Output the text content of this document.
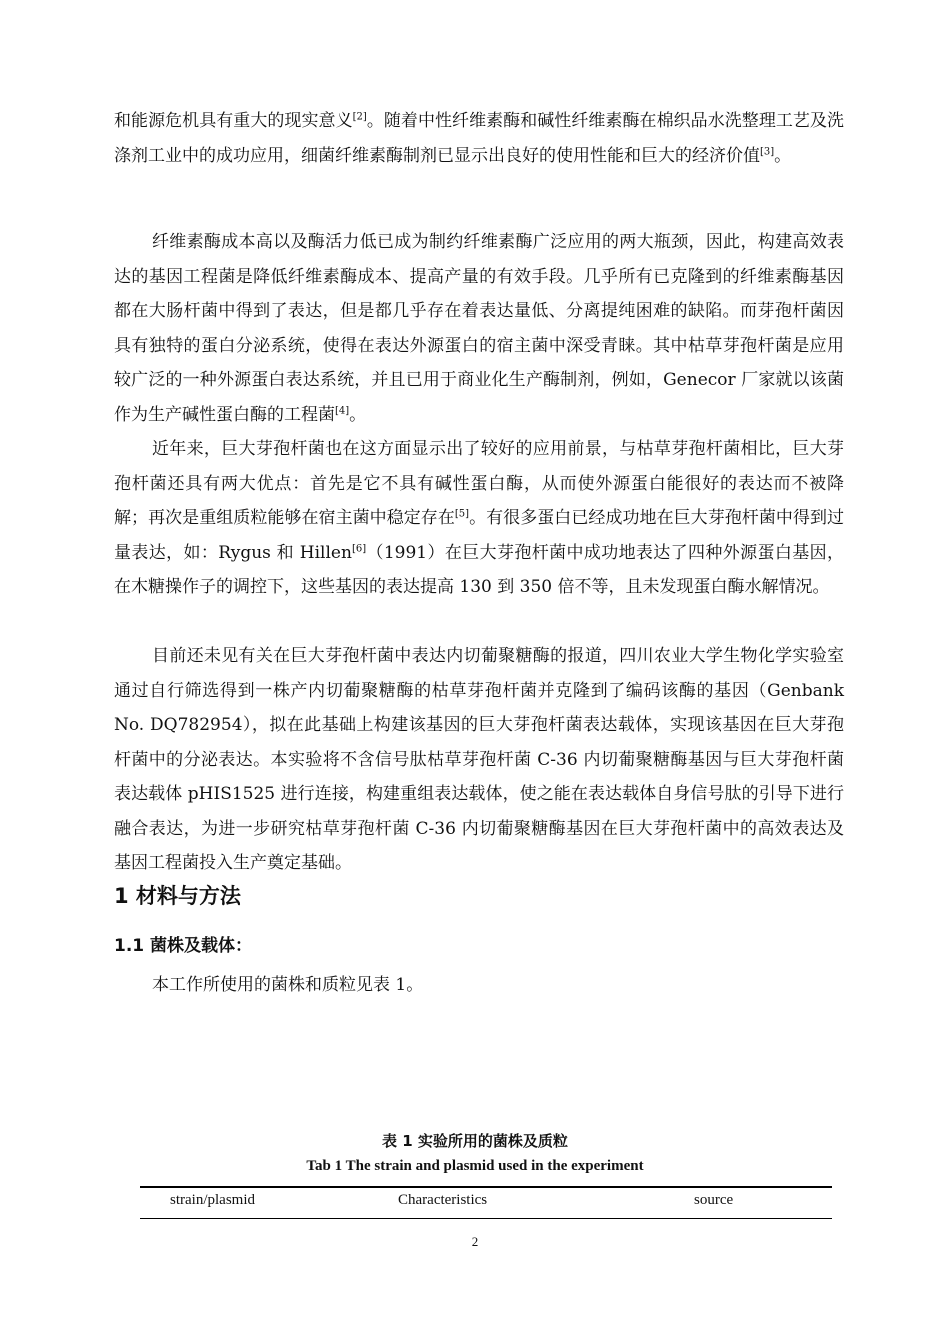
和能源危机具有重大的现实意义[2]。随着中性纤维素酶和碱性纤维素酶在棉织品水洗整理工艺及洗涤剂工业中的成功应用，细菌纤维素酶制剂已显示出良好的使用性能和巨大的经济价值[3]。

纤维素酶成本高以及酶活力低已成为制约纤维素酶广泛应用的两大瓶颈，因此，构建高效表达的基因工程菌是降低纤维素酶成本、提高产量的有效手段。几乎所有已克隆到的纤维素酶基因都在大肠杆菌中得到了表达，但是都几乎存在着表达量低、分离提纯困难的缺陷。而芽孢杆菌因具有独特的蛋白分泌系统，使得在表达外源蛋白的宿主菌中深受青睐。其中枯草芽孢杆菌是应用较广泛的一种外源蛋白表达系统，并且已用于商业化生产酶制剂，例如，Genecor 厂家就以该菌作为生产碱性蛋白酶的工程菌[4]。

近年来，巨大芽孢杆菌也在这方面显示出了较好的应用前景，与枯草芽孢杆菌相比，巨大芽孢杆菌还具有两大优点：首先是它不具有碱性蛋白酶，从而使外源蛋白能很好的表达而不被降解；再次是重组质粒能够在宿主菌中稳定存在[5]。有很多蛋白已经成功地在巨大芽孢杆菌中得到过量表达，如：Rygus 和 Hillen[6]（1991）在巨大芽孢杆菌中成功地表达了四种外源蛋白基因，在木糖操作子的调控下，这些基因的表达提高 130 到 350 倍不等，且未发现蛋白酶水解情况。

目前还未见有关在巨大芽孢杆菌中表达内切葡聚糖酶的报道，四川农业大学生物化学实验室通过自行筛选得到一株产内切葡聚糖酶的枯草芽孢杆菌并克隆到了编码该酶的基因（Genbank No. DQ782954），拟在此基础上构建该基因的巨大芽孢杆菌表达载体，实现该基因在巨大芽孢杆菌中的分泌表达。本实验将不含信号肽枯草芽孢杆菌 C-36 内切葡聚糖酶基因与巨大芽孢杆菌表达载体 pHIS1525 进行连接，构建重组表达载体，使之能在表达载体自身信号肽的引导下进行融合表达，为进一步研究枯草芽孢杆菌 C-36 内切葡聚糖酶基因在巨大芽孢杆菌中的高效表达及基因工程菌投入生产奠定基础。

1 材料与方法
1.1 菌株及载体：
本工作所使用的菌株和质粒见表 1。
表 1 实验所用的菌株及质粒
Tab 1 The strain and plasmid used in the experiment
strain/plasmid	Characteristics	source
2
